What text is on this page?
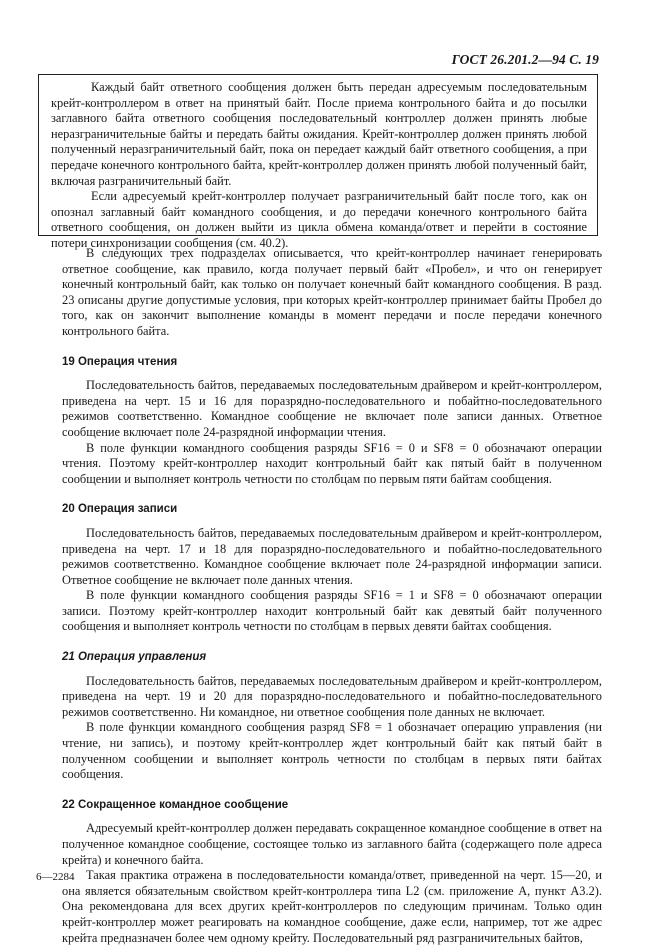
ГОСТ 26.201.2—94 С. 19

Каждый байт ответного сообщения должен быть передан адресуемым последовательным крейт-контроллером в ответ на принятый байт. После приема контрольного байта и до посылки заглавного байта ответного сообщения последовательный контроллер должен принять любые неразграничительные байты и передать байты ожидания. Крейт-контроллер должен принять любой полученный неразграничительный байт, пока он передает каждый байт ответного сообщения, а при передаче конечного контрольного байта, крейт-контроллер должен принять любой полученный байт, включая разграничительный байт.

Если адресуемый крейт-контроллер получает разграничительный байт после того, как он опознал заглавный байт командного сообщения, и до передачи конечного контрольного байта ответного сообщения, он должен выйти из цикла обмена команда/ответ и перейти в состояние потери синхронизации сообщения (см. 40.2).

В следующих трех подразделах описывается, что крейт-контроллер начинает генерировать ответное сообщение, как правило, когда получает первый байт «Пробел», и что он генерирует конечный контрольный байт, как только он получает конечный байт командного сообщения. В разд. 23 описаны другие допустимые условия, при которых крейт-контроллер принимает байты Пробел до того, как он закончит выполнение команды в момент передачи и после передачи конечного контрольного байта.

19 Операция чтения

Последовательность байтов, передаваемых последовательным драйвером и крейт-контроллером, приведена на черт. 15 и 16 для поразрядно-последовательного и побайтно-последовательного режимов соответственно. Командное сообщение не включает поле записи данных. Ответное сообщение включает поле 24-разрядной информации чтения.

В поле функции командного сообщения разряды SF16 = 0 и SF8 = 0 обозначают операции чтения. Поэтому крейт-контроллер находит контрольный байт как пятый байт в полученном сообщении и выполняет контроль четности по столбцам по первым пяти байтам сообщения.

20 Операция записи

Последовательность байтов, передаваемых последовательным драйвером и крейт-контроллером, приведена на черт. 17 и 18 для поразрядно-последовательного и побайтно-последовательного режимов соответственно. Командное сообщение включает поле 24-разрядной информации записи. Ответное сообщение не включает поле данных чтения.

В поле функции командного сообщения разряды SF16 = 1 и SF8 = 0 обозначают операции записи. Поэтому крейт-контроллер находит контрольный байт как девятый байт полученного сообщения и выполняет контроль четности по столбцам в первых девяти байтах сообщения.

21 Операция управления

Последовательность байтов, передаваемых последовательным драйвером и крейт-контроллером, приведена на черт. 19 и 20 для поразрядно-последовательного и побайтно-последовательного режимов соответственно. Ни командное, ни ответное сообщения поле данных не включает.

В поле функции командного сообщения разряд SF8 = 1 обозначает операцию управления (ни чтение, ни запись), и поэтому крейт-контроллер ждет контрольный байт как пятый байт в полученном сообщении и выполняет контроль четности по столбцам в первых пяти байтах сообщения.

22 Сокращенное командное сообщение

Адресуемый крейт-контроллер должен передавать сокращенное командное сообщение в ответ на полученное командное сообщение, состоящее только из заглавного байта (содержащего поле адреса крейта) и конечного байта.

Такая практика отражена в последовательности команда/ответ, приведенной на черт. 15—20, и она является обязательным свойством крейт-контроллера типа L2 (см. приложение А, пункт А3.2). Она рекомендована для всех других крейт-контроллеров по следующим причинам. Только один крейт-контроллер может реагировать на командное сообщение, даже если, например, тот же адрес крейта предназначен более чем одному крейту. Последовательный ряд разграничительных байтов,

6—2284
